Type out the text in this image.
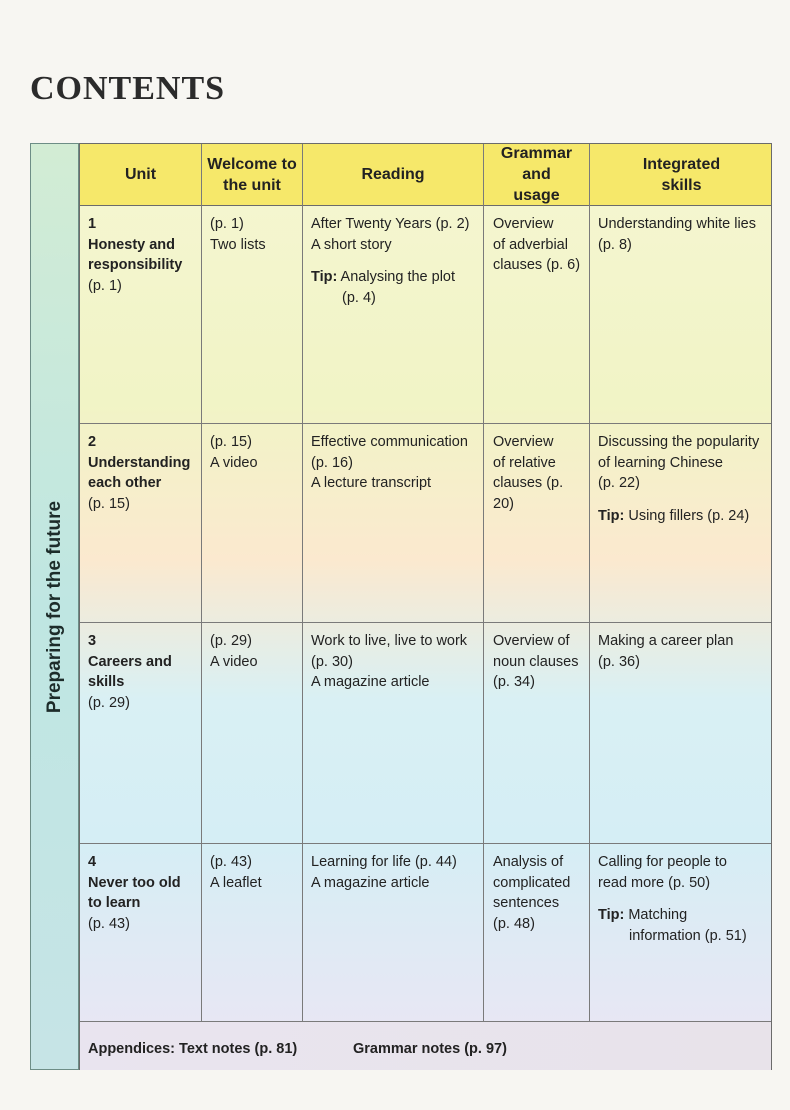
CONTENTS
Preparing for the future
Unit
Welcome to
the unit
Reading
Grammar
and
usage
Integrated
skills
1
Honesty and
responsibility
(p. 1)
(p. 1)
Two lists
After Twenty Years (p. 2)
A short story
Tip: Analysing the plot
(p. 4)
Overview
of adverbial
clauses (p. 6)
Understanding white lies
(p. 8)
2
Understanding
each other
(p. 15)
(p. 15)
A video
Effective communication
(p. 16)
A lecture transcript
Overview
of relative
clauses (p. 20)
Discussing the popularity
of learning Chinese
(p. 22)
Tip: Using fillers (p. 24)
3
Careers and
skills
(p. 29)
(p. 29)
A video
Work to live, live to work
(p. 30)
A magazine article
Overview of
noun clauses
(p. 34)
Making a career plan
(p. 36)
4
Never too old
to learn
(p. 43)
(p. 43)
A leaflet
Learning for life (p. 44)
A magazine article
Analysis of
complicated
sentences
(p. 48)
Calling for people to
read more (p. 50)
Tip: Matching
information (p. 51)
Appendices: Text notes (p. 81)	Grammar notes (p. 97)
